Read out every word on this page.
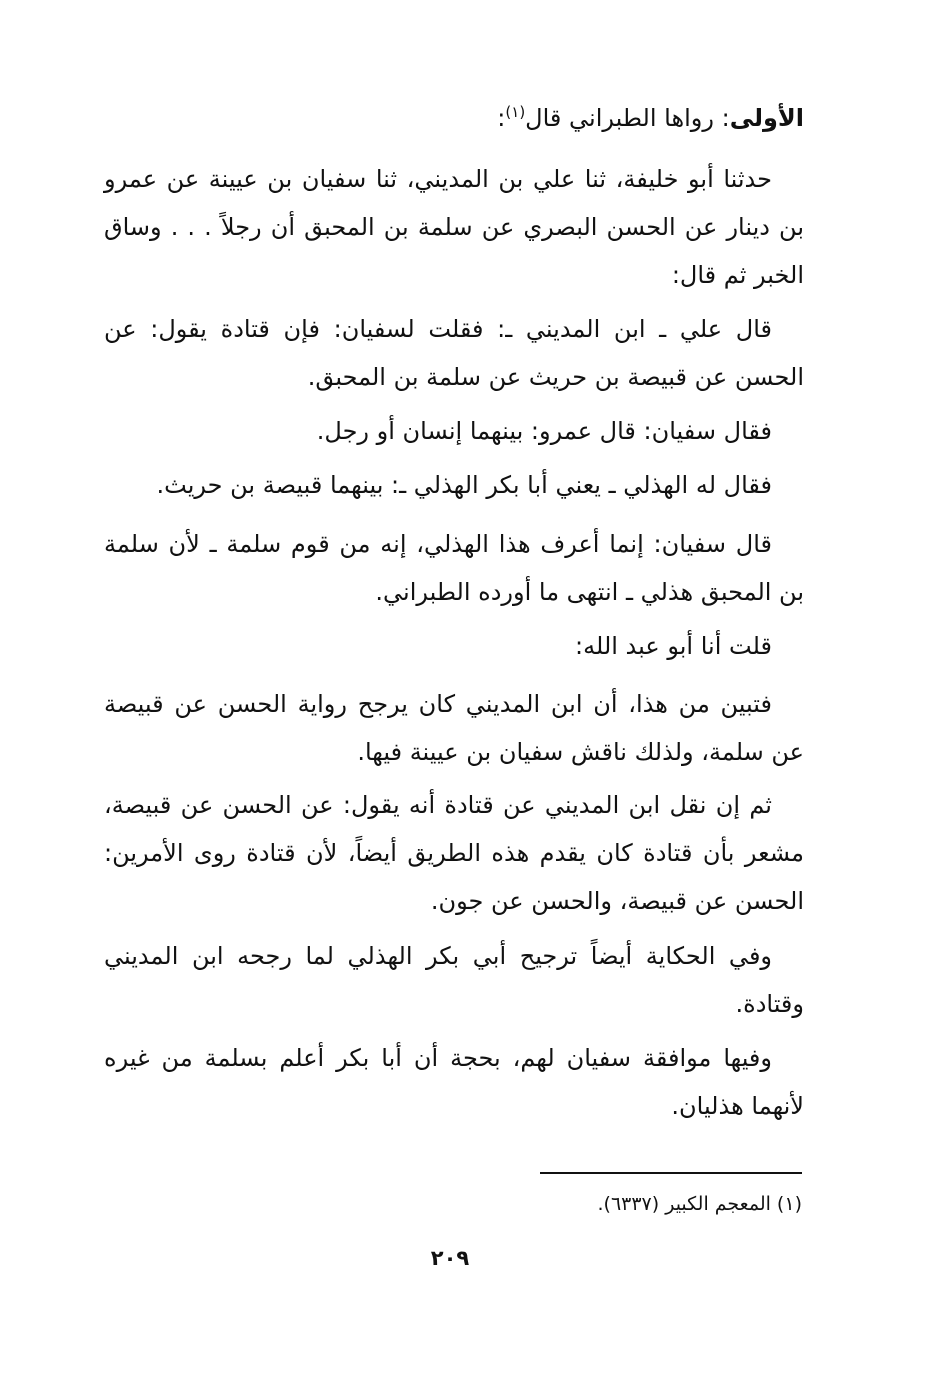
الأولى: رواها الطبراني قال$^{(١)}$:

حدثنا أبو خليفة، ثنا علي بن المديني، ثنا سفيان بن عيينة عن عمرو بن دينار عن الحسن البصري عن سلمة بن المحبق أن رجلاً . . . وساق الخبر ثم قال:

قال علي ـ ابن المديني ـ: فقلت لسفيان: فإن قتادة يقول: عن الحسن عن قبيصة بن حريث عن سلمة بن المحبق.

فقال سفيان: قال عمرو: بينهما إنسان أو رجل.

فقال له الهذلي ـ يعني أبا بكر الهذلي ـ: بينهما قبيصة بن حريث.

قال سفيان: إنما أعرف هذا الهذلي، إنه من قوم سلمة ـ لأن سلمة بن المحبق هذلي ـ انتهى ما أورده الطبراني.

قلت أنا أبو عبد الله:

فتبين من هذا، أن ابن المديني كان يرجح رواية الحسن عن قبيصة عن سلمة، ولذلك ناقش سفيان بن عيينة فيها.

ثم إن نقل ابن المديني عن قتادة أنه يقول: عن الحسن عن قبيصة، مشعر بأن قتادة كان يقدم هذه الطريق أيضاً، لأن قتادة روى الأمرين: الحسن عن قبيصة، والحسن عن جون.

وفي الحكاية أيضاً ترجيح أبي بكر الهذلي لما رجحه ابن المديني وقتادة.

وفيها موافقة سفيان لهم، بحجة أن أبا بكر أعلم بسلمة من غيره لأنهما هذليان.

(١) المعجم الكبير (٦٣٣٧).

٢٠٩
